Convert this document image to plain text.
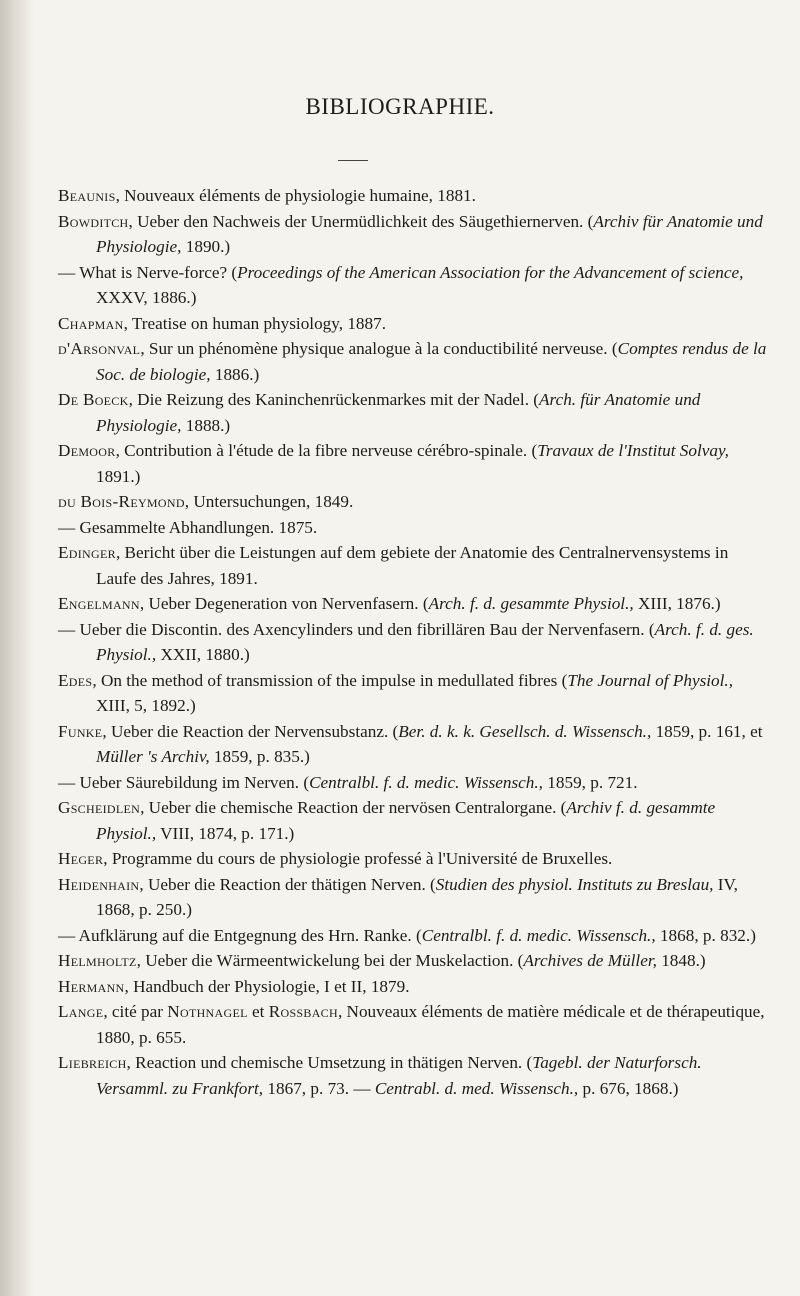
BIBLIOGRAPHIE.

Beaunis, Nouveaux éléments de physiologie humaine, 1881.

Bowditch, Ueber den Nachweis der Unermüdlichkeit des Säugethiernerven. (Archiv für Anatomie und Physiologie, 1890.)

— What is Nerve-force? (Proceedings of the American Association for the Advancement of science, XXXV, 1886.)

Chapman, Treatise on human physiology, 1887.

d'Arsonval, Sur un phénomène physique analogue à la conductibilité nerveuse. (Comptes rendus de la Soc. de biologie, 1886.)

De Boeck, Die Reizung des Kaninchenrückenmarkes mit der Nadel. (Arch. für Anatomie und Physiologie, 1888.)

Demoor, Contribution à l'étude de la fibre nerveuse cérébro-spinale. (Travaux de l'Institut Solvay, 1891.)

du Bois-Reymond, Untersuchungen, 1849.

— Gesammelte Abhandlungen. 1875.

Edinger, Bericht über die Leistungen auf dem gebiete der Anatomie des Centralnervensystems in Laufe des Jahres, 1891.

Engelmann, Ueber Degeneration von Nervenfasern. (Arch. f. d. gesammte Physiol., XIII, 1876.)

— Ueber die Discontin. des Axencylinders und den fibrillären Bau der Nervenfasern. (Arch. f. d. ges. Physiol., XXII, 1880.)

Edes, On the method of transmission of the impulse in medullated fibres (The Journal of Physiol., XIII, 5, 1892.)

Funke, Ueber die Reaction der Nervensubstanz. (Ber. d. k. k. Gesellsch. d. Wissensch., 1859, p. 161, et Müller 's Archiv, 1859, p. 835.)

— Ueber Säurebildung im Nerven. (Centralbl. f. d. medic. Wissensch., 1859, p. 721.

Gscheidlen, Ueber die chemische Reaction der nervösen Centralorgane. (Archiv f. d. gesammte Physiol., VIII, 1874, p. 171.)

Heger, Programme du cours de physiologie professé à l'Université de Bruxelles.

Heidenhain, Ueber die Reaction der thätigen Nerven. (Studien des physiol. Instituts zu Breslau, IV, 1868, p. 250.)

— Aufklärung auf die Entgegnung des Hrn. Ranke. (Centralbl. f. d. medic. Wissensch., 1868, p. 832.)

Helmholtz, Ueber die Wärmeentwickelung bei der Muskelaction. (Archives de Müller, 1848.)

Hermann, Handbuch der Physiologie, I et II, 1879.

Lange, cité par Nothnagel et Rossbach, Nouveaux éléments de matière médicale et de thérapeutique, 1880, p. 655.

Liebreich, Reaction und chemische Umsetzung in thätigen Nerven. (Tagebl. der Naturforsch. Versamml. zu Frankfort, 1867, p. 73. — Centrabl. d. med. Wissensch., p. 676, 1868.)
